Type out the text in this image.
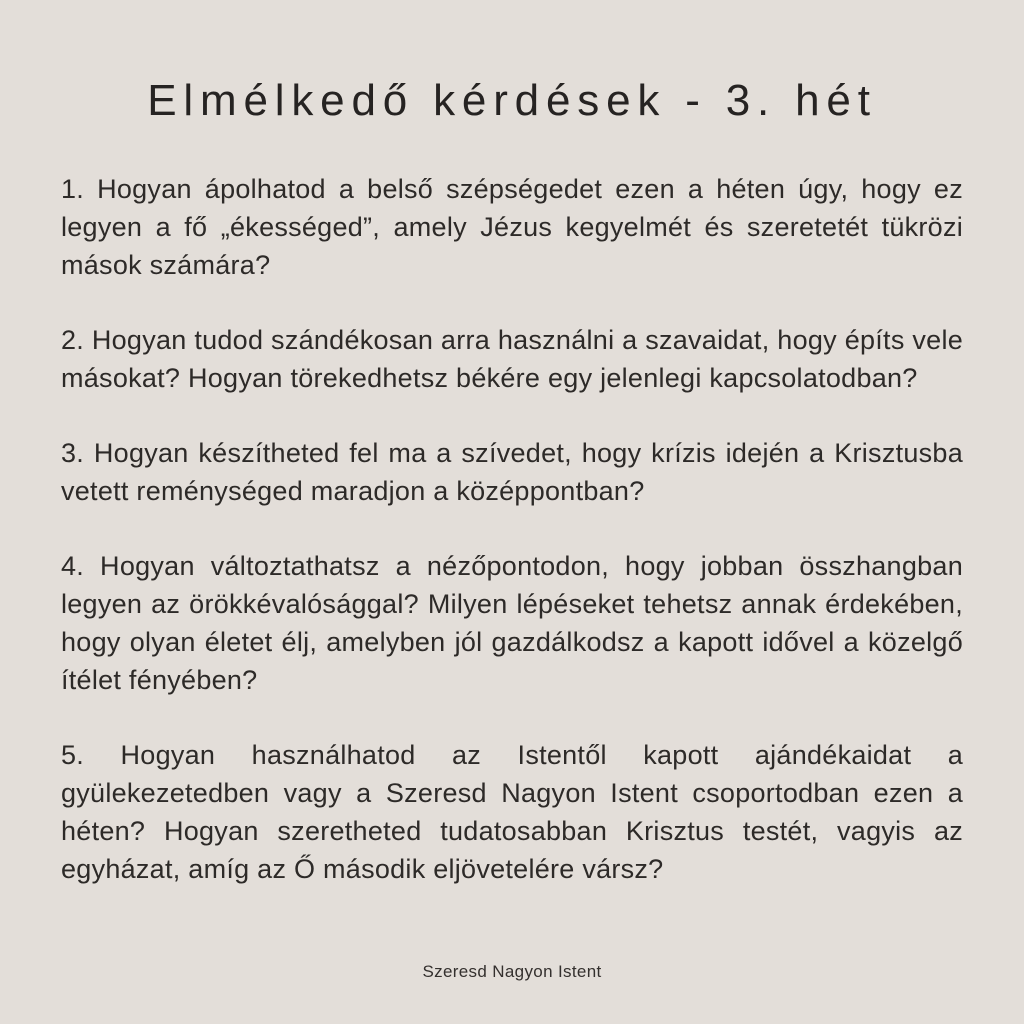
Elmélkedő kérdések - 3. hét

1. Hogyan ápolhatod a belső szépségedet ezen a héten úgy, hogy ez legyen a fő „ékességed”, amely Jézus kegyelmét és szeretetét tükrözi mások számára?

2. Hogyan tudod szándékosan arra használni a szavaidat, hogy építs vele másokat? Hogyan törekedhetsz békére egy jelenlegi kapcsolatodban?

3. Hogyan készítheted fel ma a szívedet, hogy krízis idején a Krisztusba vetett reménységed maradjon a középpontban?

4. Hogyan változtathatsz a nézőpontodon, hogy jobban összhangban legyen az örökkévalósággal? Milyen lépéseket tehetsz annak érdekében, hogy olyan életet élj, amelyben jól gazdálkodsz a kapott idővel a közelgő ítélet fényében?

5. Hogyan használhatod az Istentől kapott ajándékaidat a gyülekezetedben vagy a Szeresd Nagyon Istent csoportodban ezen a héten? Hogyan szeretheted tudatosabban Krisztus testét, vagyis az egyházat, amíg az Ő második eljövetelére vársz?

Szeresd Nagyon Istent
